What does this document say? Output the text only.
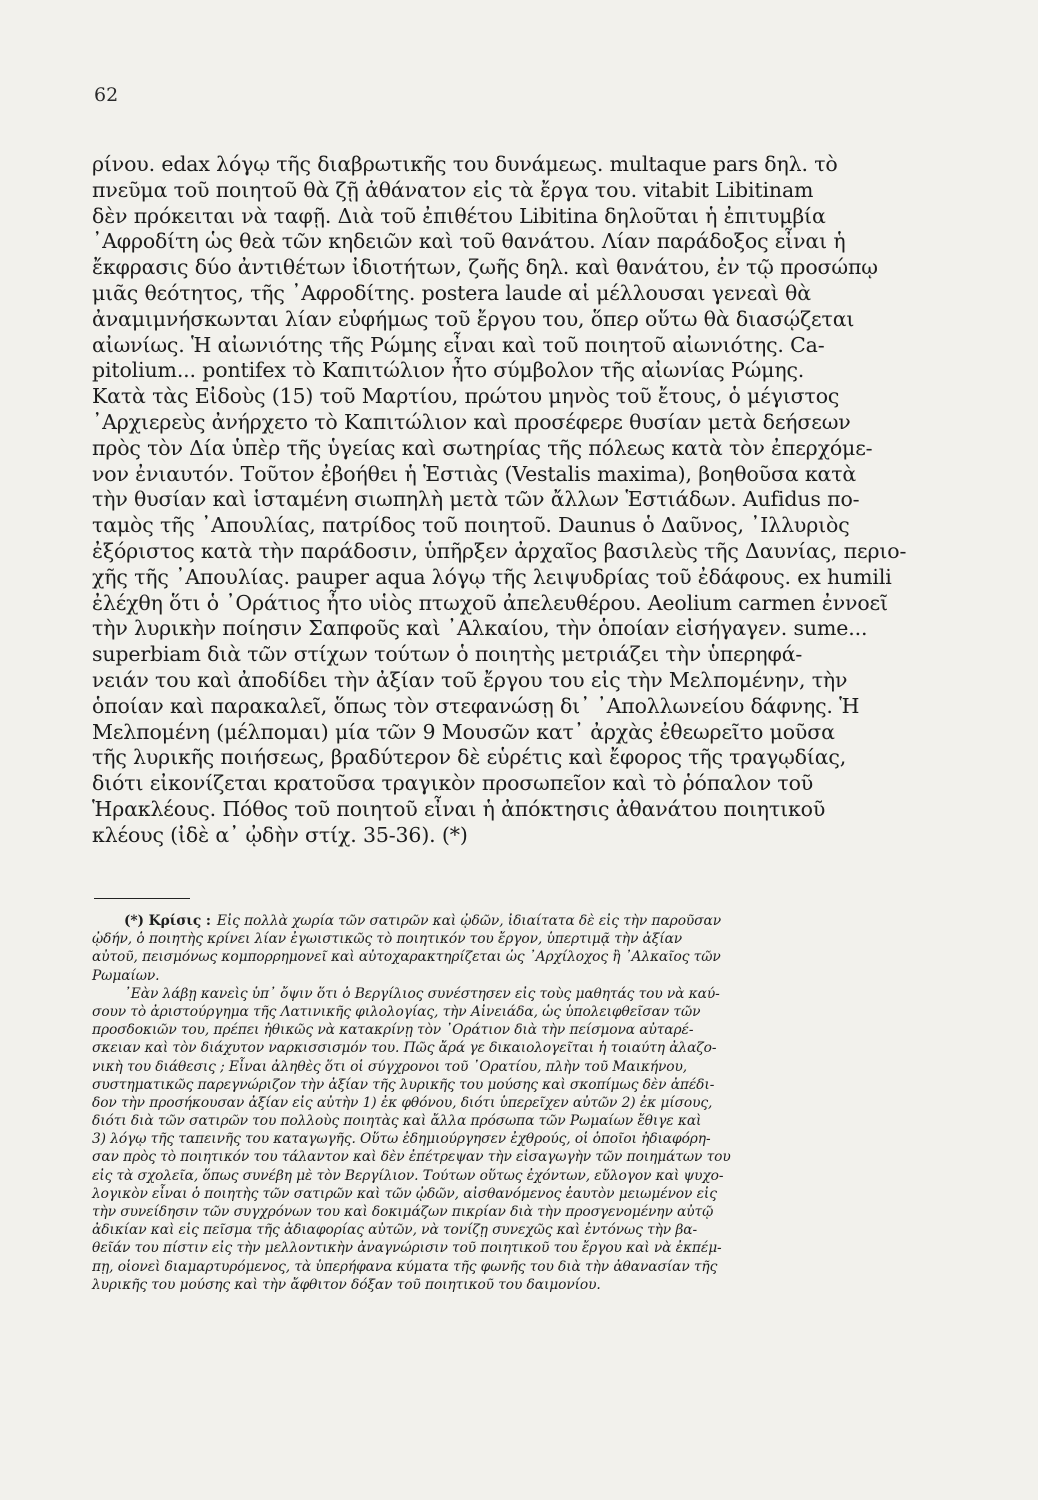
62
ρίνου. edax λόγῳ τῆς διαβρωτικῆς του δυνάμεως. multaque pars δηλ. τὸ
πνεῦμα τοῦ ποιητοῦ θὰ ζῇ ἀθάνατον εἰς τὰ ἔργα του. vitabit Libitinam
δὲν πρόκειται νὰ ταφῇ. Διὰ τοῦ ἐπιθέτου Libitina δηλοῦται ἡ ἐπιτυμβία
᾿Αφροδίτη ὡς θεὰ τῶν κηδειῶν καὶ τοῦ θανάτου. Λίαν παράδοξος εἶναι ἡ
ἔκφρασις δύο ἀντιθέτων ἰδιοτήτων, ζωῆς δηλ. καὶ θανάτου, ἐν τῷ προσώπῳ
μιᾶς θεότητος, τῆς ᾿Αφροδίτης. postera laude αἱ μέλλουσαι γενεαὶ θὰ
ἀναμιμνήσκωνται λίαν εὐφήμως τοῦ ἔργου του, ὅπερ οὕτω θὰ διασῴζεται
αἰωνίως. Ἡ αἰωνιότης τῆς Ρώμης εἶναι καὶ τοῦ ποιητοῦ αἰωνιότης. Ca-
pitolium... pontifex τὸ Καπιτώλιον ἦτο σύμβολον τῆς αἰωνίας Ρώμης.
Κατὰ τὰς Εἰδοὺς (15) τοῦ Μαρτίου, πρώτου μηνὸς τοῦ ἔτους, ὁ μέγιστος
᾿Αρχιερεὺς ἀνήρχετο τὸ Καπιτώλιον καὶ προσέφερε θυσίαν μετὰ δεήσεων
πρὸς τὸν Δία ὑπὲρ τῆς ὑγείας καὶ σωτηρίας τῆς πόλεως κατὰ τὸν ἐπερχόμε-
νον ἐνιαυτόν. Τοῦτον ἐβοήθει ἡ Ἑστιὰς (Vestalis maxima), βοηθοῦσα κατὰ
τὴν θυσίαν καὶ ἱσταμένη σιωπηλὴ μετὰ τῶν ἄλλων Ἑστιάδων. Aufidus πο-
ταμὸς τῆς ᾿Απουλίας, πατρίδος τοῦ ποιητοῦ. Daunus ὁ Δαῦνος, ᾿Ιλλυριὸς
ἐξόριστος κατὰ τὴν παράδοσιν, ὑπῆρξεν ἀρχαῖος βασιλεὺς τῆς Δαυνίας, περιο-
χῆς τῆς ᾿Απουλίας. pauper aqua λόγῳ τῆς λειψυδρίας τοῦ ἐδάφους. ex humili
ἐλέχθη ὅτι ὁ ᾿Οράτιος ἦτο υἱὸς πτωχοῦ ἀπελευθέρου. Aeolium carmen ἐννοεῖ
τὴν λυρικὴν ποίησιν Σαπφοῦς καὶ ᾿Αλκαίου, τὴν ὁποίαν εἰσήγαγεν. sume...
superbiam διὰ τῶν στίχων τούτων ὁ ποιητὴς μετριάζει τὴν ὑπερηφά-
νειάν του καὶ ἀποδίδει τὴν ἀξίαν τοῦ ἔργου του εἰς τὴν Μελπομένην, τὴν
ὁποίαν καὶ παρακαλεῖ, ὅπως τὸν στεφανώσῃ δι᾿ ᾿Απολλωνείου δάφνης. Ἡ
Μελπομένη (μέλπομαι) μία τῶν 9 Μουσῶν κατ᾿ ἀρχὰς ἐθεωρεῖτο μοῦσα
τῆς λυρικῆς ποιήσεως, βραδύτερον δὲ εὑρέτις καὶ ἔφορος τῆς τραγῳδίας,
διότι εἰκονίζεται κρατοῦσα τραγικὸν προσωπεῖον καὶ τὸ ῥόπαλον τοῦ
Ἡρακλέους. Πόθος τοῦ ποιητοῦ εἶναι ἡ ἀπόκτησις ἀθανάτου ποιητικοῦ
κλέους (ἰδὲ α᾿ ᾠδὴν στίχ. 35-36). (*)
(*) Κρίσις : Εἰς πολλὰ χωρία τῶν σατιρῶν καὶ ᾠδῶν, ἰδιαίτατα δὲ εἰς τὴν παροῦσαν
ᾠδήν, ὁ ποιητὴς κρίνει λίαν ἐγωιστικῶς τὸ ποιητικόν του ἔργον, ὑπερτιμᾷ τὴν ἀξίαν
αὐτοῦ, πεισμόνως κομπορρημονεῖ καὶ αὐτοχαρακτηρίζεται ὡς ᾿Αρχίλοχος ἢ ᾿Αλκαῖος τῶν
Ρωμαίων.
᾿Εὰν λάβῃ κανεὶς ὑπ᾿ ὄψιν ὅτι ὁ Βεργίλιος συνέστησεν εἰς τοὺς μαθητάς του νὰ καύ-
σουν τὸ ἀριστούργημα τῆς Λατινικῆς φιλολογίας, τὴν Αἰνειάδα, ὡς ὑπολειφθεῖσαν τῶν
προσδοκιῶν του, πρέπει ἠθικῶς νὰ κατακρίνῃ τὸν ᾿Οράτιον διὰ τὴν πείσμονα αὐταρέ-
σκειαν καὶ τὸν διάχυτον ναρκισσισμόν του. Πῶς ἄρά γε δικαιολογεῖται ἡ τοιαύτη ἀλαζο-
νικὴ του διάθεσις ; Εἶναι ἀληθὲς ὅτι οἱ σύγχρονοι τοῦ ᾿Ορατίου, πλὴν τοῦ Μαικήνου,
συστηματικῶς παρεγνώριζον τὴν ἀξίαν τῆς λυρικῆς του μούσης καὶ σκοπίμως δὲν ἀπέδι-
δον τὴν προσήκουσαν ἀξίαν εἰς αὐτὴν 1) ἐκ φθόνου, διότι ὑπερεῖχεν αὐτῶν 2) ἐκ μίσους,
διότι διὰ τῶν σατιρῶν του πολλοὺς ποιητὰς καὶ ἄλλα πρόσωπα τῶν Ρωμαίων ἔθιγε καὶ
3) λόγῳ τῆς ταπεινῆς του καταγωγῆς. Οὕτω ἐδημιούργησεν ἐχθρούς, οἱ ὁποῖοι ἠδιαφόρη-
σαν πρὸς τὸ ποιητικόν του τάλαντον καὶ δὲν ἐπέτρεψαν τὴν εἰσαγωγὴν τῶν ποιημάτων του
εἰς τὰ σχολεῖα, ὅπως συνέβη μὲ τὸν Βεργίλιον. Τούτων οὕτως ἐχόντων, εὔλογον καὶ ψυχο-
λογικὸν εἶναι ὁ ποιητὴς τῶν σατιρῶν καὶ τῶν ᾠδῶν, αἰσθανόμενος ἑαυτὸν μειωμένον εἰς
τὴν συνείδησιν τῶν συγχρόνων του καὶ δοκιμάζων πικρίαν διὰ τὴν προσγενομένην αὐτῷ
ἀδικίαν καὶ εἰς πεῖσμα τῆς ἀδιαφορίας αὐτῶν, νὰ τονίζῃ συνεχῶς καὶ ἐντόνως τὴν βα-
θεῖάν του πίστιν εἰς τὴν μελλοντικὴν ἀναγνώρισιν τοῦ ποιητικοῦ του ἔργου καὶ νὰ ἐκπέμ-
πῃ, οἱονεὶ διαμαρτυρόμενος, τὰ ὑπερήφανα κύματα τῆς φωνῆς του διὰ τὴν ἀθανασίαν τῆς
λυρικῆς του μούσης καὶ τὴν ἄφθιτον δόξαν τοῦ ποιητικοῦ του δαιμονίου.
